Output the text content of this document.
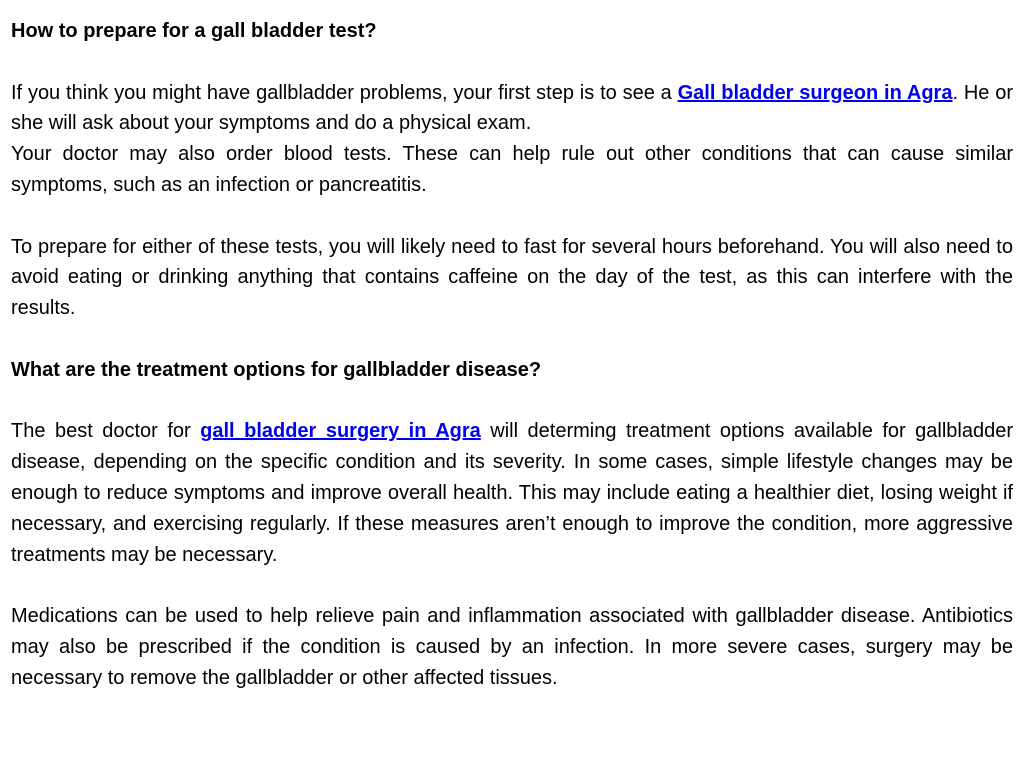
How to prepare for a gall bladder test?

If you think you might have gallbladder problems, your first step is to see a Gall bladder surgeon in Agra. He or she will ask about your symptoms and do a physical exam.

Your doctor may also order blood tests. These can help rule out other conditions that can cause similar symptoms, such as an infection or pancreatitis.

To prepare for either of these tests, you will likely need to fast for several hours beforehand. You will also need to avoid eating or drinking anything that contains caffeine on the day of the test, as this can interfere with the results.

What are the treatment options for gallbladder disease?

The best doctor for gall bladder surgery in Agra will determing treatment options available for gallbladder disease, depending on the specific condition and its severity. In some cases, simple lifestyle changes may be enough to reduce symptoms and improve overall health. This may include eating a healthier diet, losing weight if necessary, and exercising regularly. If these measures aren’t enough to improve the condition, more aggressive treatments may be necessary.

Medications can be used to help relieve pain and inflammation associated with gallbladder disease. Antibiotics may also be prescribed if the condition is caused by an infection. In more severe cases, surgery may be necessary to remove the gallbladder or other affected tissues.
